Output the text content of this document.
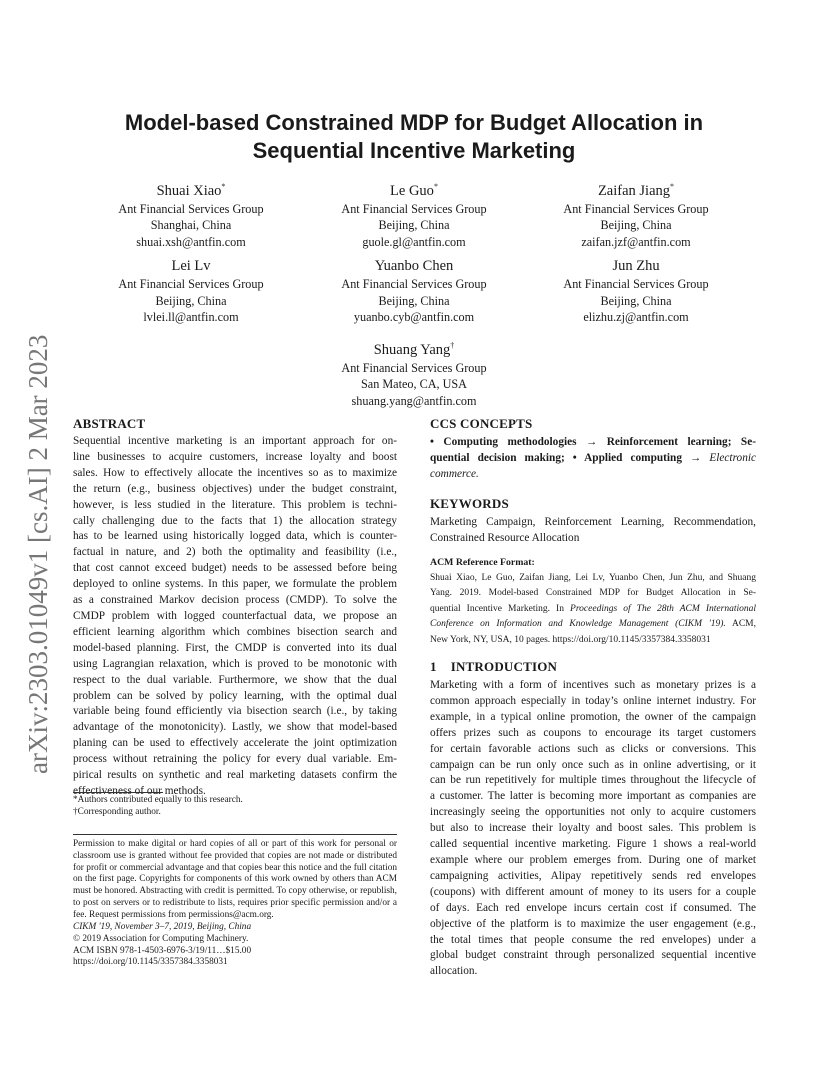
arXiv:2303.01049v1 [cs.AI] 2 Mar 2023
Model-based Constrained MDP for Budget Allocation in
Sequential Incentive Marketing
Shuai Xiao*
Ant Financial Services Group
Shanghai, China
shuai.xsh@antfin.com
Le Guo*
Ant Financial Services Group
Beijing, China
guole.gl@antfin.com
Zaifan Jiang*
Ant Financial Services Group
Beijing, China
zaifan.jzf@antfin.com
Lei Lv
Ant Financial Services Group
Beijing, China
lvlei.ll@antfin.com
Yuanbo Chen
Ant Financial Services Group
Beijing, China
yuanbo.cyb@antfin.com
Jun Zhu
Ant Financial Services Group
Beijing, China
elizhu.zj@antfin.com
Shuang Yang†
Ant Financial Services Group
San Mateo, CA, USA
shuang.yang@antfin.com
ABSTRACT
Sequential incentive marketing is an important approach for on-
line businesses to acquire customers, increase loyalty and boost
sales. How to effectively allocate the incentives so as to maximize
the return (e.g., business objectives) under the budget constraint,
however, is less studied in the literature. This problem is techni-
cally challenging due to the facts that 1) the allocation strategy
has to be learned using historically logged data, which is counter-
factual in nature, and 2) both the optimality and feasibility (i.e.,
that cost cannot exceed budget) needs to be assessed before being
deployed to online systems. In this paper, we formulate the problem
as a constrained Markov decision process (CMDP). To solve the
CMDP problem with logged counterfactual data, we propose an
efficient learning algorithm which combines bisection search and
model-based planning. First, the CMDP is converted into its dual
using Lagrangian relaxation, which is proved to be monotonic with
respect to the dual variable. Furthermore, we show that the dual
problem can be solved by policy learning, with the optimal dual
variable being found efficiently via bisection search (i.e., by taking
advantage of the monotonicity). Lastly, we show that model-based
planing can be used to effectively accelerate the joint optimization
process without retraining the policy for every dual variable. Em-
pirical results on synthetic and real marketing datasets confirm the
effectiveness of our methods.
*Authors contributed equally to this research.
†Corresponding author.
Permission to make digital or hard copies of all or part of this work for personal or
classroom use is granted without fee provided that copies are not made or distributed
for profit or commercial advantage and that copies bear this notice and the full citation
on the first page. Copyrights for components of this work owned by others than ACM
must be honored. Abstracting with credit is permitted. To copy otherwise, or republish,
to post on servers or to redistribute to lists, requires prior specific permission and/or a
fee. Request permissions from permissions@acm.org.
CIKM '19, November 3–7, 2019, Beijing, China
© 2019 Association for Computing Machinery.
ACM ISBN 978-1-4503-6976-3/19/11…$15.00
https://doi.org/10.1145/3357384.3358031
CCS CONCEPTS
• Computing methodologies → Reinforcement learning; Se-
quential decision making; • Applied computing → Electronic
commerce.
KEYWORDS
Marketing Campaign, Reinforcement Learning, Recommendation,
Constrained Resource Allocation
ACM Reference Format:
Shuai Xiao, Le Guo, Zaifan Jiang, Lei Lv, Yuanbo Chen, Jun Zhu, and Shuang
Yang. 2019. Model-based Constrained MDP for Budget Allocation in Se-
quential Incentive Marketing. In Proceedings of The 28th ACM International
Conference on Information and Knowledge Management (CIKM '19). ACM,
New York, NY, USA, 10 pages. https://doi.org/10.1145/3357384.3358031
1 INTRODUCTION
Marketing with a form of incentives such as monetary prizes is a
common approach especially in today’s online internet industry. For
example, in a typical online promotion, the owner of the campaign
offers prizes such as coupons to encourage its target customers
for certain favorable actions such as clicks or conversions. This
campaign can be run only once such as in online advertising, or it
can be run repetitively for multiple times throughout the lifecycle of
a customer. The latter is becoming more important as companies are
increasingly seeing the opportunities not only to acquire customers
but also to increase their loyalty and boost sales. This problem is
called sequential incentive marketing. Figure 1 shows a real-world
example where our problem emerges from. During one of market
campaigning activities, Alipay repetitively sends red envelopes
(coupons) with different amount of money to its users for a couple
of days. Each red envelope incurs certain cost if consumed. The
objective of the platform is to maximize the user engagement (e.g.,
the total times that people consume the red envelopes) under a
global budget constraint through personalized sequential incentive
allocation.
